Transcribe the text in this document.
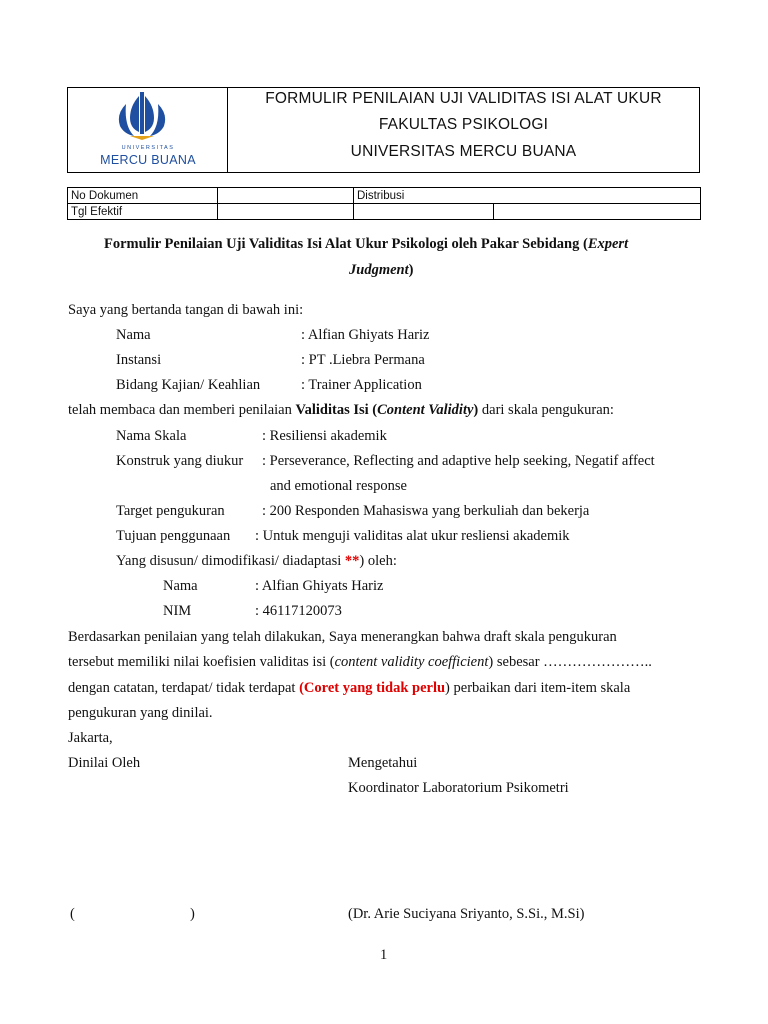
UNIVERSITAS
MERCU BUANA
FORMULIR PENILAIAN UJI VALIDITAS ISI ALAT UKUR
FAKULTAS PSIKOLOGI
UNIVERSITAS MERCU BUANA
No Dokumen		Distribusi	
Tgl Efektif			
Formulir Penilaian Uji Validitas Isi Alat Ukur Psikologi oleh Pakar Sebidang (Expert
Judgment)
Saya yang bertanda tangan di bawah ini:
Nama	: Alfian Ghiyats Hariz
Instansi	: PT .Liebra Permana
Bidang Kajian/ Keahlian	: Trainer Application
telah membaca dan memberi penilaian Validitas Isi (Content Validity) dari skala pengukuran:
Nama Skala	: Resiliensi akademik
Konstruk yang diukur : Perseverance, Reflecting and adaptive help seeking, Negatif affect
and emotional response
Target pengukuran	: 200 Responden Mahasiswa yang berkuliah dan bekerja
Tujuan penggunaan : Untuk menguji validitas alat ukur resliensi akademik
Yang disusun/ dimodifikasi/ diadaptasi **) oleh:
Nama	: Alfian Ghiyats Hariz
NIM	: 46117120073
Berdasarkan penilaian yang telah dilakukan, Saya menerangkan bahwa draft skala pengukuran
tersebut memiliki nilai koefisien validitas isi (content validity coefficient) sebesar …………………..
dengan catatan, terdapat/ tidak terdapat (Coret yang tidak perlu) perbaikan dari item-item skala
pengukuran yang dinilai.
Jakarta,
Dinilai Oleh	Mengetahui
Koordinator Laboratorium Psikometri
(	)	(Dr. Arie Suciyana Sriyanto, S.Si., M.Si)
1
